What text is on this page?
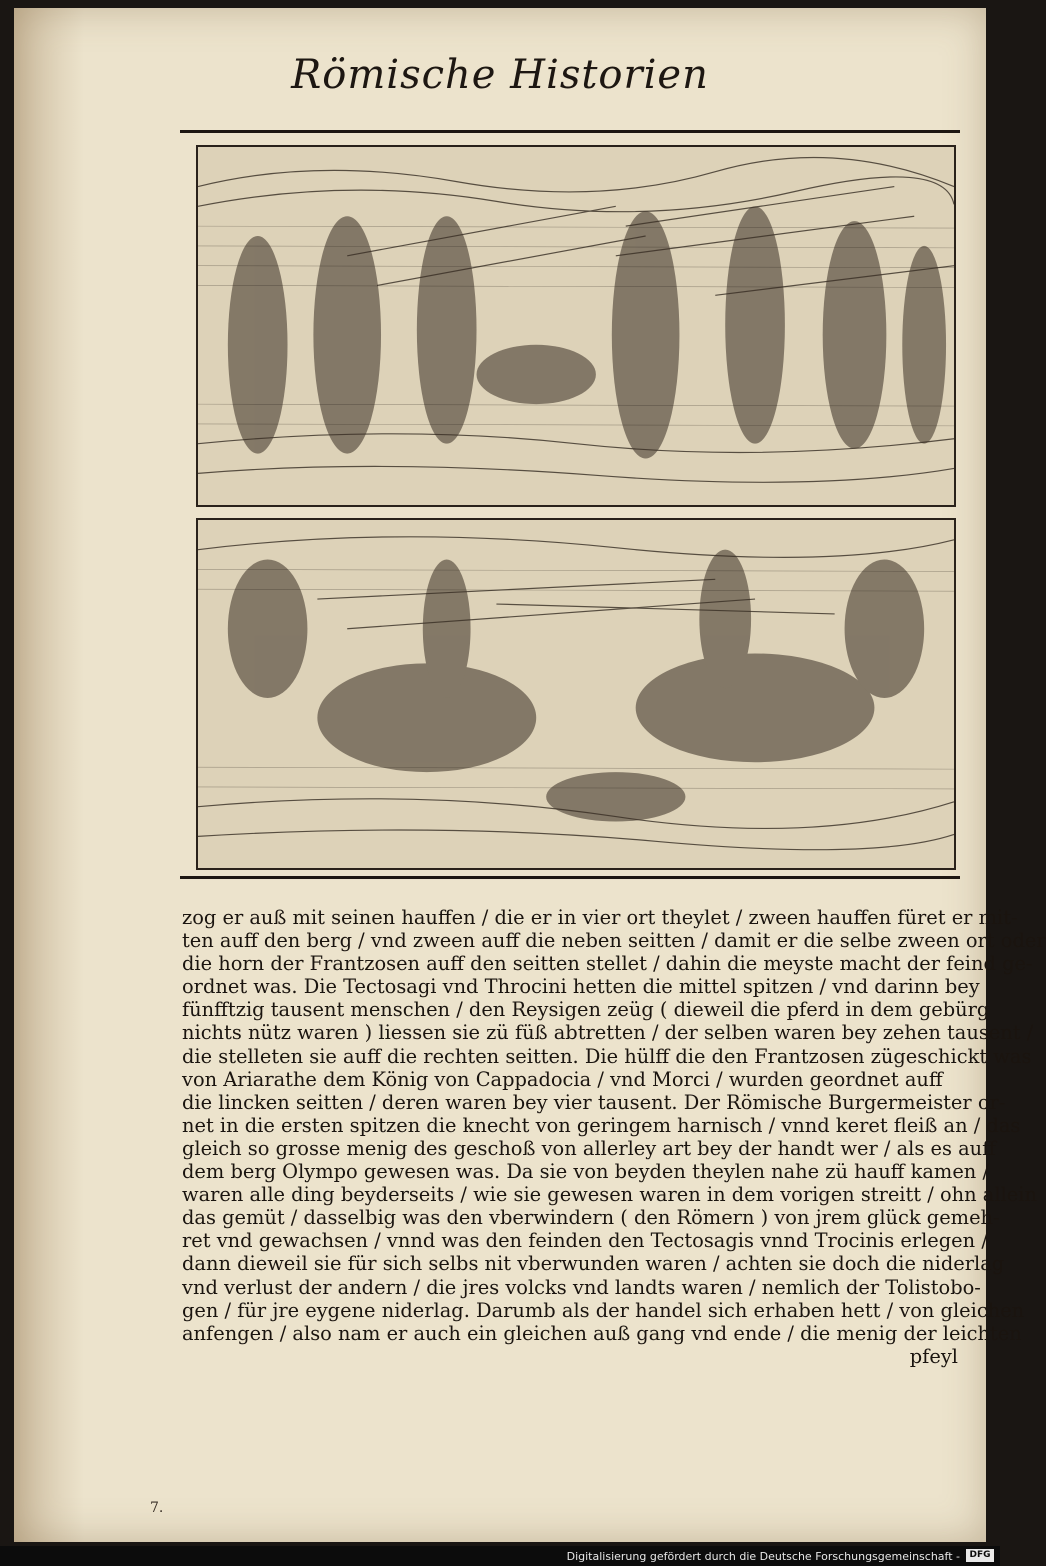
Römische Historien
zog er auß mit seinen hauffen / die er in vier ort theylet / zween hauffen füret er mit-
ten auff den berg / vnd zween auff die neben seitten / damit er die selbe zween ort oder
die horn der Frantzosen auff den seitten stellet / dahin die meyste macht der feind ge-
ordnet was. Die Tectosagi vnd Throcini hetten die mittel spitzen / vnd darinn bey
fünfftzig tausent menschen / den Reysigen zeüg ( dieweil die pferd in dem gebürg
nichts nütz waren ) liessen sie zü füß abtretten / der selben waren bey zehen tausent /
die stelleten sie auff die rechten seitten. Die hülff die den Frantzosen zügeschickt was
von Ariarathe dem König von Cappadocia / vnd Morci / wurden geordnet auff
die lincken seitten / deren waren bey vier tausent. Der Römische Burgermeister or-
net in die ersten spitzen die knecht von geringem harnisch / vnnd keret fleiß an / das
gleich so grosse menig des geschoß von allerley art bey der handt wer / als es auff
dem berg Olympo gewesen was. Da sie von beyden theylen nahe zü hauff kamen /
waren alle ding beyderseits / wie sie gewesen waren in dem vorigen streitt / ohn allein
das gemüt / dasselbig was den vberwindern ( den Römern ) von jrem glück gemeh-
ret vnd gewachsen / vnnd was den feinden den Tectosagis vnnd Trocinis erlegen /
dann dieweil sie für sich selbs nit vberwunden waren / achten sie doch die niderlag
vnd verlust der andern / die jres volcks vnd landts waren / nemlich der Tolistobo-
gen / für jre eygene niderlag. Darumb als der handel sich erhaben hett / von gleichen
anfengen / also nam er auch ein gleichen auß gang vnd ende / die menig der leichten
pfeyl
7.
Digitalisierung gefördert durch die Deutsche Forschungsgemeinschaft -	DFG
